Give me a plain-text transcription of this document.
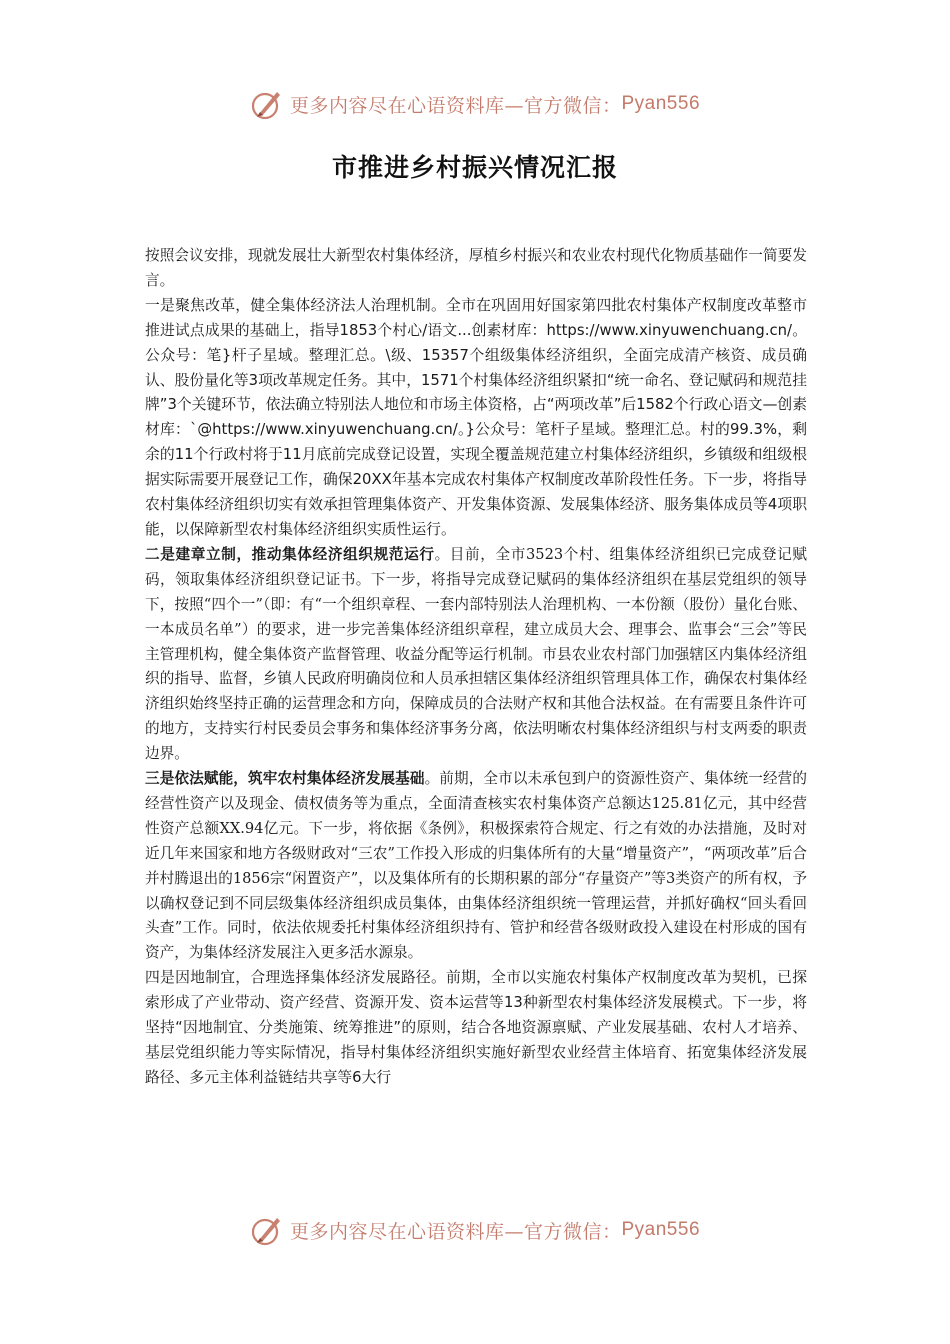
更多内容尽在心语资料库—官方微信： Pyan556
市推进乡村振兴情况汇报

按照会议安排，现就发展壮大新型农村集体经济，厚植乡村振兴和农业农村现代化物质基础作一简要发言。

一是聚焦改革，健全集体经济法人治理机制。全市在巩固用好国家第四批农村集体产权制度改革整市推进试点成果的基础上，指导1853个村心/语文...创素材库：https://www.xinyuwenchuang.cn/。公众号：笔}杆子星域。整理汇总。\级、15357个组级集体经济组织，全面完成清产核资、成员确认、股份量化等3项改革规定任务。其中，1571个村集体经济组织紧扣“统一命名、登记赋码和规范挂牌”3个关键环节，依法确立特别法人地位和市场主体资格，占“两项改革”后1582个行政心语文—创素材库：`@https://www.xinyuwenchuang.cn/。}公众号：笔杆子星域。整理汇总。村的99.3%，剩余的11个行政村将于11月底前完成登记设置，实现全覆盖规范建立村集体经济组织，乡镇级和组级根据实际需要开展登记工作，确保20XX年基本完成农村集体产权制度改革阶段性任务。下一步，将指导农村集体经济组织切实有效承担管理集体资产、开发集体资源、发展集体经济、服务集体成员等4项职能，以保障新型农村集体经济组织实质性运行。

二是建章立制，推动集体经济组织规范运行。目前，全市3523个村、组集体经济组织已完成登记赋码，领取集体经济组织登记证书。下一步，将指导完成登记赋码的集体经济组织在基层党组织的领导下，按照“四个一”（即：有“一个组织章程、一套内部特别法人治理机构、一本份额（股份）量化台账、一本成员名单”）的要求，进一步完善集体经济组织章程，建立成员大会、理事会、监事会“三会”等民主管理机构，健全集体资产监督管理、收益分配等运行机制。市县农业农村部门加强辖区内集体经济组织的指导、监督，乡镇人民政府明确岗位和人员承担辖区集体经济组织管理具体工作，确保农村集体经济组织始终坚持正确的运营理念和方向，保障成员的合法财产权和其他合法权益。在有需要且条件许可的地方，支持实行村民委员会事务和集体经济事务分离，依法明晰农村集体经济组织与村支两委的职责边界。

三是依法赋能，筑牢农村集体经济发展基础。前期，全市以未承包到户的资源性资产、集体统一经营的经营性资产以及现金、债权债务等为重点，全面清查核实农村集体资产总额达125.81亿元，其中经营性资产总额XX.94亿元。下一步，将依据《条例》，积极探索符合规定、行之有效的办法措施，及时对近几年来国家和地方各级财政对“三农”工作投入形成的归集体所有的大量“增量资产”，“两项改革”后合并村腾退出的1856宗“闲置资产”，以及集体所有的长期积累的部分“存量资产”等3类资产的所有权，予以确权登记到不同层级集体经济组织成员集体，由集体经济组织统一管理运营，并抓好确权“回头看回头查”工作。同时，依法依规委托村集体经济组织持有、管护和经营各级财政投入建设在村形成的国有资产，为集体经济发展注入更多活水源泉。

四是因地制宜，合理选择集体经济发展路径。前期，全市以实施农村集体产权制度改革为契机，已探索形成了产业带动、资产经营、资源开发、资本运营等13种新型农村集体经济发展模式。下一步，将坚持“因地制宜、分类施策、统筹推进”的原则，结合各地资源禀赋、产业发展基础、农村人才培养、基层党组织能力等实际情况，指导村集体经济组织实施好新型农业经营主体培育、拓宽集体经济发展路径、多元主体利益链结共享等6大行

更多内容尽在心语资料库—官方微信： Pyan556
